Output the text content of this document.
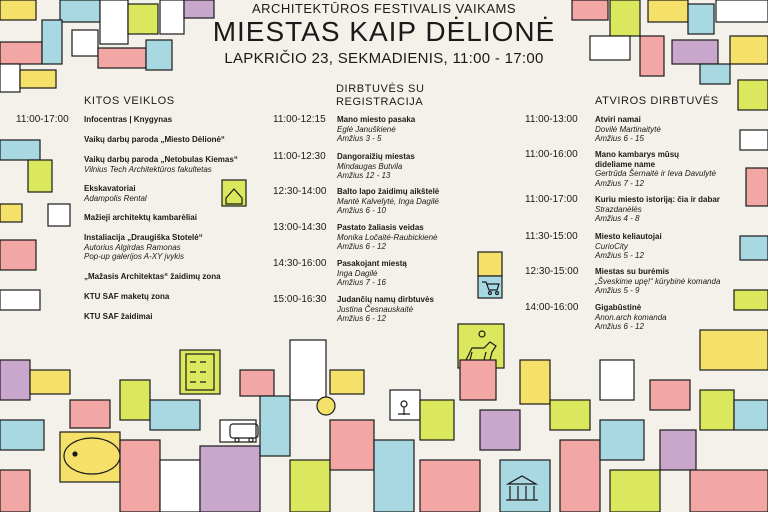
ARCHITEKTŪROS FESTIVALIS VAIKAMS
MIESTAS KAIP DĖLIONĖ
LAPKRIČIO 23, SEKMADIENIS, 11:00 - 17:00
KITOS VEIKLOS
11:00-17:00 Infocentras | Knygynas
Vaikų darbų paroda „Miesto Dėlionė“
Vaikų darbų paroda „Netobulas Kiemas“
Vilnius Tech Architektūros fakultetas
Ekskavatoriai
Adampolis Rental
Mažieji architektų kambarėliai
Instaliacija „Draugiška Stotelė“
Autorius Algirdas Ramonas
Pop-up galerijos A-XY įvykis
„Mažasis Architektas“ žaidimų zona
KTU SAF maketų zona
KTU SAF žaidimai
DIRBTUVĖS SU
REGISTRACIJA
11:00-12:15 Mano miesto pasaka
Eglė Januškienė
Amžius 3 - 5
11:00-12:30 Dangoraižių miestas
Mindaugas Butvila
Amžius 12 - 13
12:30-14:00 Balto lapo žaidimų aikštelė
Mantė Kalvelytė, Inga Dagilė
Amžius 6 - 10
13:00-14:30 Pastato žaliasis veidas
Monika Ločaitė-Raubickienė
Amžius 6 - 12
14:30-16:00 Pasakojant miestą
Inga Dagilė
Amžius 7 - 16
15:00-16:30 Judančių namų dirbtuvės
Justina Česnauskaitė
Amžius 6 - 12
ATVIROS DIRBTUVĖS
11:00-13:00 Atviri namai
Dovilė Martinaitytė
Amžius 6 - 15
11:00-16:00 Mano kambarys mūsų
dideliame name
Gertrūda Šernaitė ir Ieva Davulytė
Amžius 7 - 12
11:00-17:00 Kuriu miesto istoriją: čia ir dabar
Strazdanėlės
Amžius 4 - 8
11:30-15:00 Miesto keliautojai
CurioCity
Amžius 5 - 12
12:30-15:00 Miestas su burėmis
„Šveskime upę!“ kūrybinė komanda
Amžius 5 - 9
14:00-16:00 Gigabūstinė
Anon.arch komanda
Amžius 6 - 12
